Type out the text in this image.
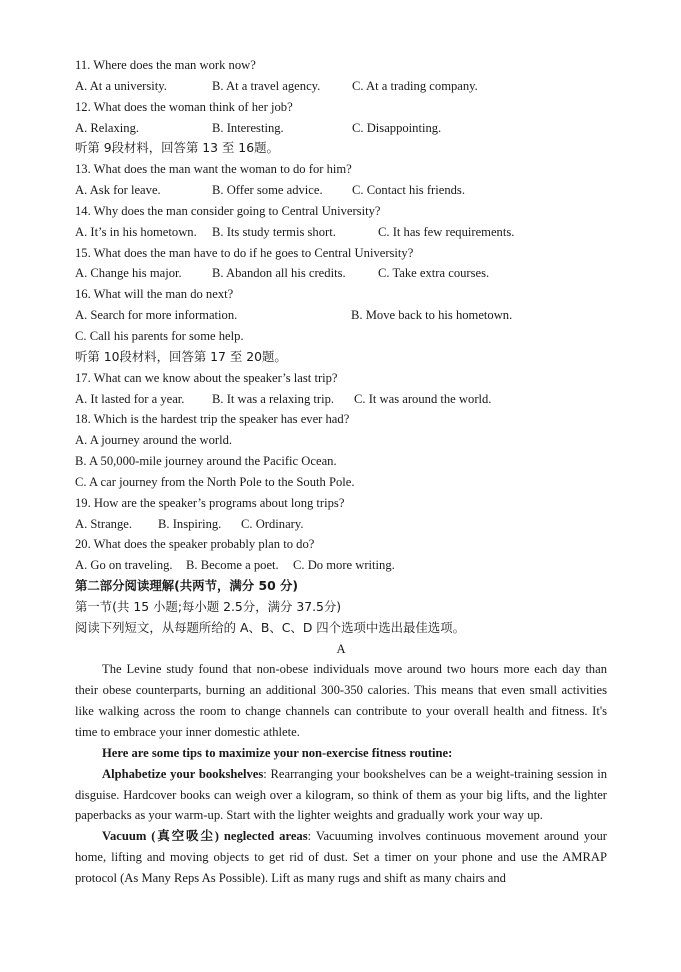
11. Where does the man work now?
A. At a university.	B. At a travel agency.	C. At a trading company.
12. What does the woman think of her job?
A. Relaxing.	B. Interesting.	C. Disappointing.
听第 9段材料，回答第 13 至 16题。
13. What does the man want the woman to do for him?
A. Ask for leave.	B. Offer some advice.	C. Contact his friends.
14. Why does the man consider going to Central University?
A. It’s in his hometown.	B. Its study termis short.	C. It has few requirements.
15. What does the man have to do if he goes to Central University?
A. Change his major.	B. Abandon all his credits.	C. Take extra courses.
16. What will the man do next?
A. Search for more information.	B. Move back to his hometown.
C. Call his parents for some help.
听第 10段材料，回答第 17 至 20题。
17. What can we know about the speaker’s last trip?
A. It lasted for a year.	B. It was a relaxing trip.	C. It was around the world.
18. Which is the hardest trip the speaker has ever had?
A. A journey around the world.
B. A 50,000-mile journey around the Pacific Ocean.
C. A car journey from the North Pole to the South Pole.
19. How are the speaker’s programs about long trips?
A. Strange.	B. Inspiring.	C. Ordinary.
20. What does the speaker probably plan to do?
A. Go on traveling.	B. Become a poet.	C. Do more writing.
第二部分阅读理解(共两节，满分 50 分)
第一节(共 15 小题;每小题 2.5分，满分 37.5分)
阅读下列短文，从每题所给的 A、B、C、D 四个选项中选出最佳选项。
A

The Levine study found that non-obese individuals move around two hours more each day than their obese counterparts, burning an additional 300-350 calories. This means that even small activities like walking across the room to change channels can contribute to your overall health and fitness. It's time to embrace your inner domestic athlete.

Here are some tips to maximize your non-exercise fitness routine:

Alphabetize your bookshelves: Rearranging your bookshelves can be a weight-training session in disguise. Hardcover books can weigh over a kilogram, so think of them as your big lifts, and the lighter paperbacks as your warm-up. Start with the lighter weights and gradually work your way up.

Vacuum (真空吸尘) neglected areas: Vacuuming involves continuous movement around your home, lifting and moving objects to get rid of dust. Set a timer on your phone and use the AMRAP protocol (As Many Reps As Possible). Lift as many rugs and shift as many chairs and
